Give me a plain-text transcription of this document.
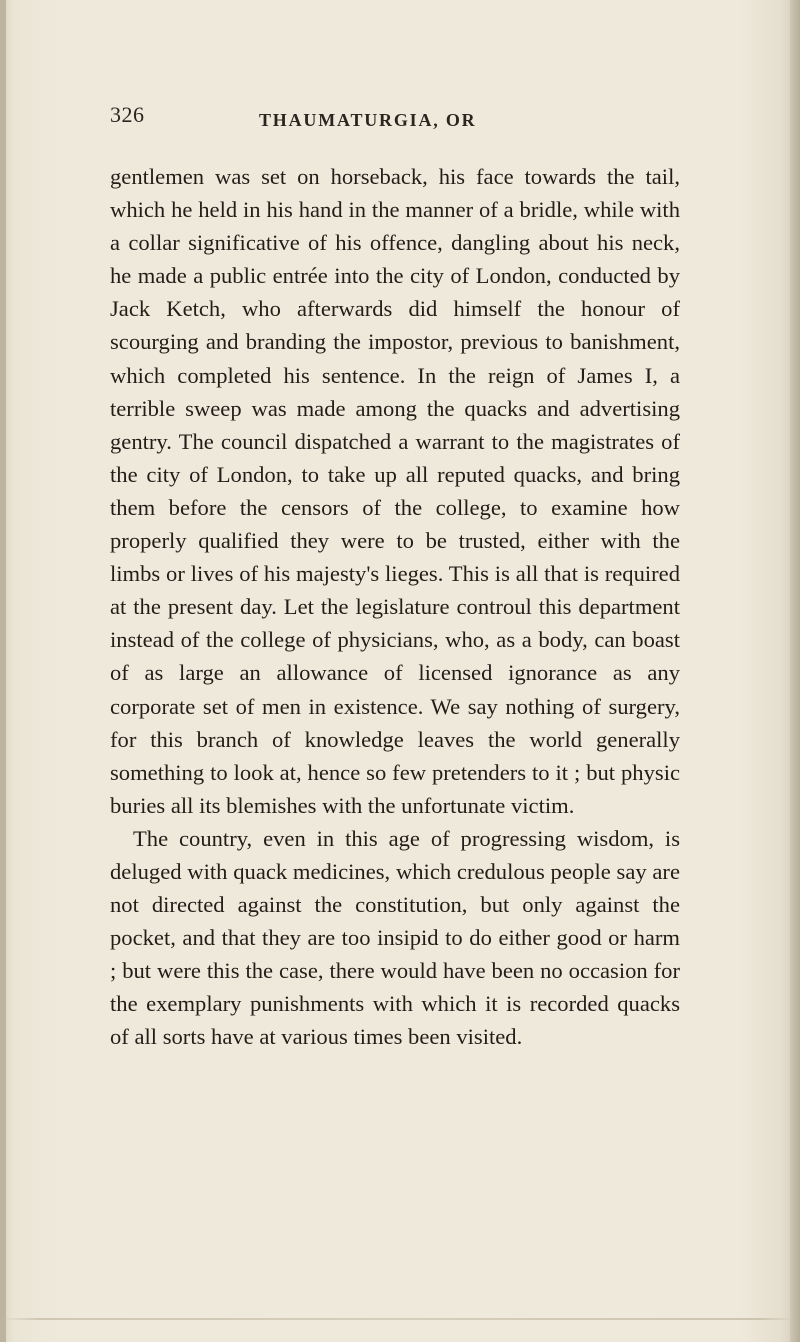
326	THAUMATURGIA, OR

gentlemen was set on horseback, his face towards the tail, which he held in his hand in the manner of a bridle, while with a collar significative of his offence, dangling about his neck, he made a public entrée into the city of London, conducted by Jack Ketch, who afterwards did himself the honour of scourging and branding the impostor, previous to banishment, which completed his sentence. In the reign of James I, a terrible sweep was made among the quacks and advertising gentry. The council dispatched a warrant to the magistrates of the city of London, to take up all reputed quacks, and bring them before the censors of the college, to examine how properly qualified they were to be trusted, either with the limbs or lives of his majesty's lieges. This is all that is required at the present day. Let the legislature controul this department instead of the college of physicians, who, as a body, can boast of as large an allowance of licensed ignorance as any corporate set of men in existence. We say nothing of surgery, for this branch of knowledge leaves the world generally something to look at, hence so few pretenders to it ; but physic buries all its blemishes with the unfortunate victim.

The country, even in this age of progressing wisdom, is deluged with quack medicines, which credulous people say are not directed against the constitution, but only against the pocket, and that they are too insipid to do either good or harm ; but were this the case, there would have been no occasion for the exemplary punishments with which it is recorded quacks of all sorts have at various times been visited.
